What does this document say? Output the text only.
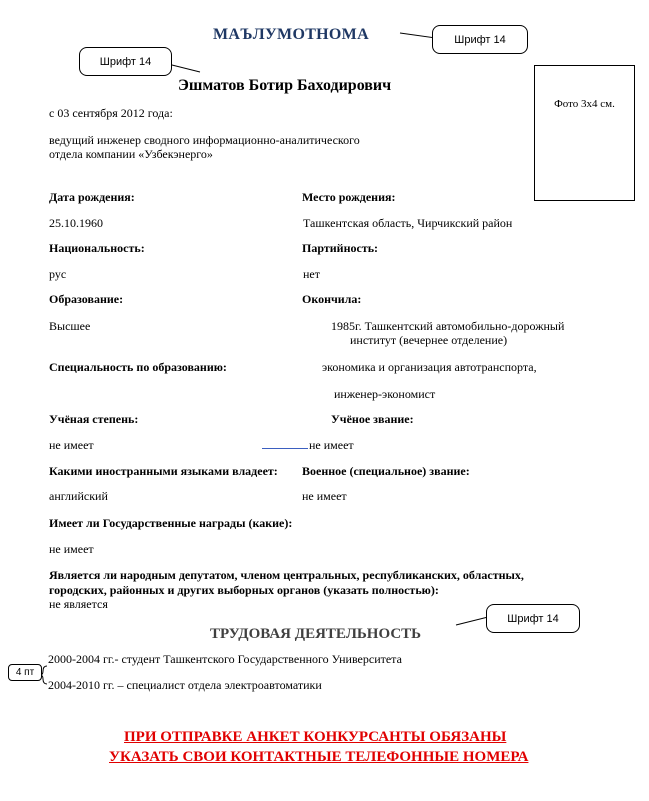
МАЪЛУМОТНОМА	Шрифт 14
Шрифт 14
Эшматов Ботир Баходирович
Фото 3х4 см.
с 03 сентября 2012 года:
ведущий инженер сводного информационно-аналитического
отдела компании «Узбекэнерго»
Дата рождения:	Место рождения:
25.10.1960	Ташкентская область, Чирчикский район
Национальность:	Партийность:
рус	нет
Образование:	Окончила:
Высшее	1985г. Ташкентский автомобильно-дорожный
институт (вечернее отделение)
Специальность по образованию:	экономика и организация автотранспорта,
инженер-экономист
Учёная степень:	Учёное звание:
не имеет	не имеет
Какими иностранными языками владеет: Военное (специальное) звание:
английский	не имеет
Имеет ли Государственные награды (какие):
не имеет
Является ли народным депутатом, членом центральных, республиканских, областных,
городских, районных и других выборных органов (указать полностью):
не является
Шрифт 14
ТРУДОВАЯ ДЕЯТЕЛЬНОСТЬ
2000-2004 гг.- студент Ташкентского Государственного Университета
2004-2010 гг. – специалист отдела электроавтоматики
4 пт
ПРИ ОТПРАВКЕ АНКЕТ КОНКУРСАНТЫ ОБЯЗАНЫ
УКАЗАТЬ СВОИ КОНТАКТНЫЕ ТЕЛЕФОННЫЕ НОМЕРА
